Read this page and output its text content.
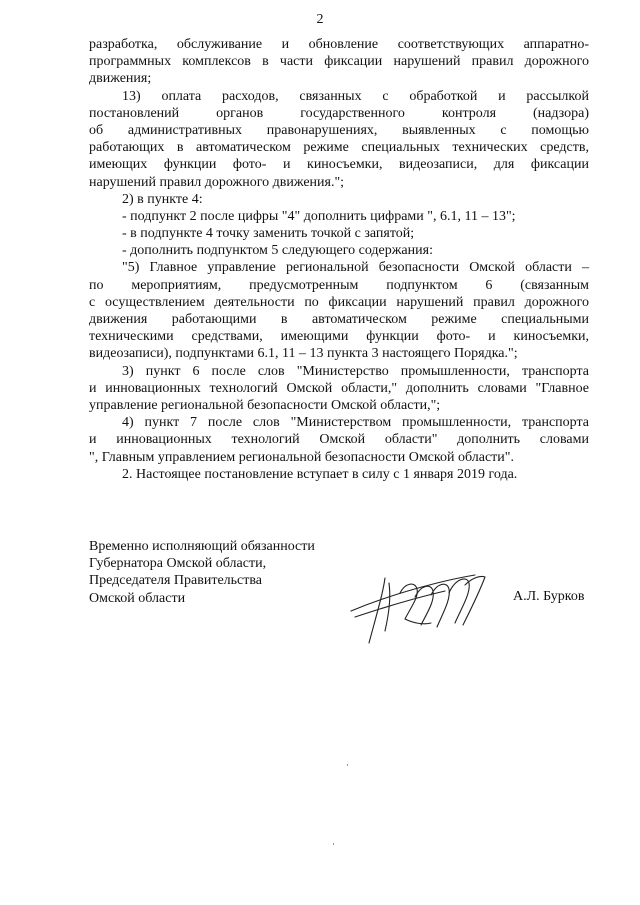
2
разработка, обслуживание и обновление соответствующих аппаратно-
программных комплексов в части фиксации нарушений правил дорожного
движения;
13) оплата расходов, связанных с обработкой и рассылкой
постановлений органов государственного контроля (надзора)
об административных правонарушениях, выявленных с помощью
работающих в автоматическом режиме специальных технических средств,
имеющих функции фото- и киносъемки, видеозаписи, для фиксации
нарушений правил дорожного движения.";
2) в пункте 4:
- подпункт 2 после цифры "4" дополнить цифрами ", 6.1, 11 – 13";
- в подпункте 4 точку заменить точкой с запятой;
- дополнить подпунктом 5 следующего содержания:
"5) Главное управление региональной безопасности Омской области –
по мероприятиям, предусмотренным подпунктом 6 (связанным
с осуществлением деятельности по фиксации нарушений правил дорожного
движения работающими в автоматическом режиме специальными
техническими средствами, имеющими функции фото- и киносъемки,
видеозаписи), подпунктами 6.1, 11 – 13 пункта 3 настоящего Порядка.";
3) пункт 6 после слов "Министерство промышленности, транспорта
и инновационных технологий Омской области," дополнить словами "Главное
управление региональной безопасности Омской области,";
4) пункт 7 после слов "Министерством промышленности, транспорта
и инновационных технологий Омской области" дополнить словами
", Главным управлением региональной безопасности Омской области".
2. Настоящее постановление вступает в силу с 1 января 2019 года.
Временно исполняющий обязанности
Губернатора Омской области,
Председателя Правительства
Омской области	А.Л. Бурков
